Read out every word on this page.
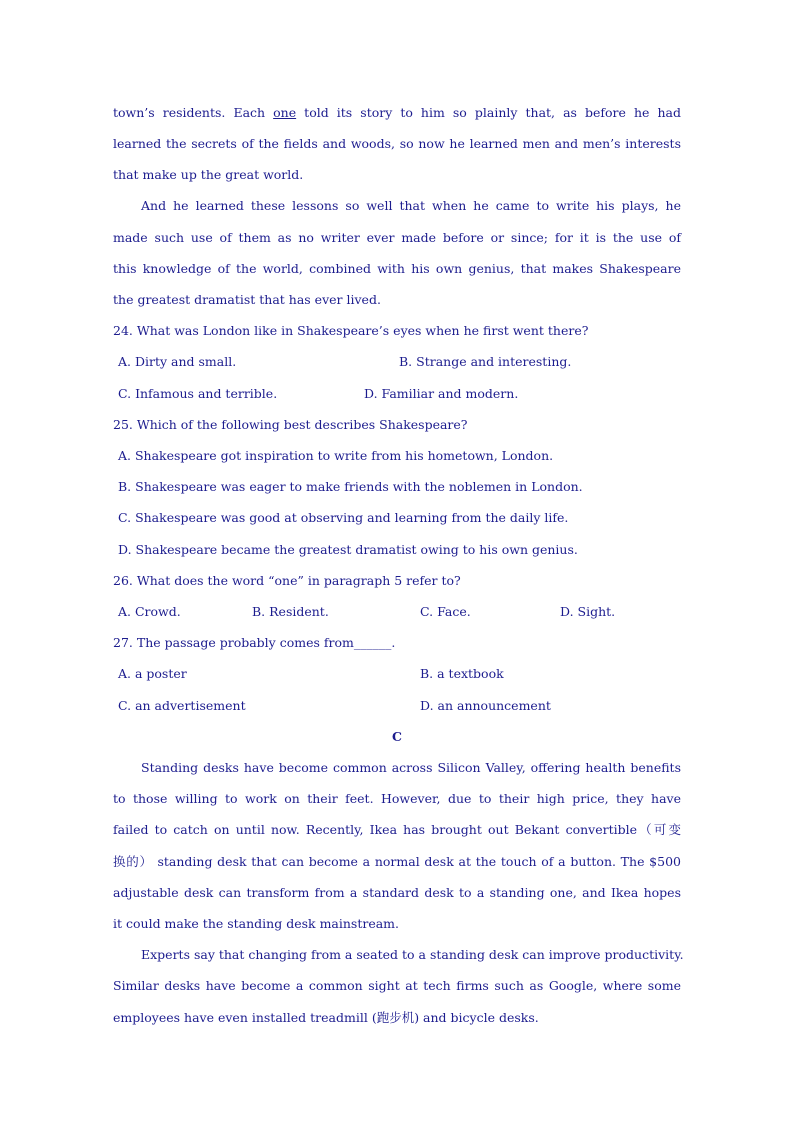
town’s residents. Each one told its story to him so plainly that, as before he had
learned the secrets of the fields and woods, so now he learned men and men’s interests
that make up the great world.
And he learned these lessons so well that when he came to write his plays, he
made such use of them as no writer ever made before or since; for it is the use of
this knowledge of the world, combined with his own genius, that makes Shakespeare
the greatest dramatist that has ever lived.
24. What was London like in Shakespeare’s eyes when he first went there?
A. Dirty and small.	B. Strange and interesting.
C. Infamous and terrible.	D. Familiar and modern.
25. Which of the following best describes Shakespeare?
A. Shakespeare got inspiration to write from his hometown, London.
B. Shakespeare was eager to make friends with the noblemen in London.
C. Shakespeare was good at observing and learning from the daily life.
D. Shakespeare became the greatest dramatist owing to his own genius.
26. What does the word “one” in paragraph 5 refer to?
A. Crowd.	B. Resident.	C. Face.	D. Sight.
27. The passage probably comes from______.
A. a poster	B. a textbook
C. an advertisement	D. an announcement
C
Standing desks have become common across Silicon Valley, offering health benefits
to those willing to work on their feet. However, due to their high price, they have
failed to catch on until now. Recently, Ikea has brought out Bekant convertible（可变
换的） standing desk that can become a normal desk at the touch of a button. The $500
adjustable desk can transform from a standard desk to a standing one, and Ikea hopes
it could make the standing desk mainstream.
Experts say that changing from a seated to a standing desk can improve productivity.
Similar desks have become a common sight at tech firms such as Google, where some
employees have even installed treadmill (跑步机) and bicycle desks.
